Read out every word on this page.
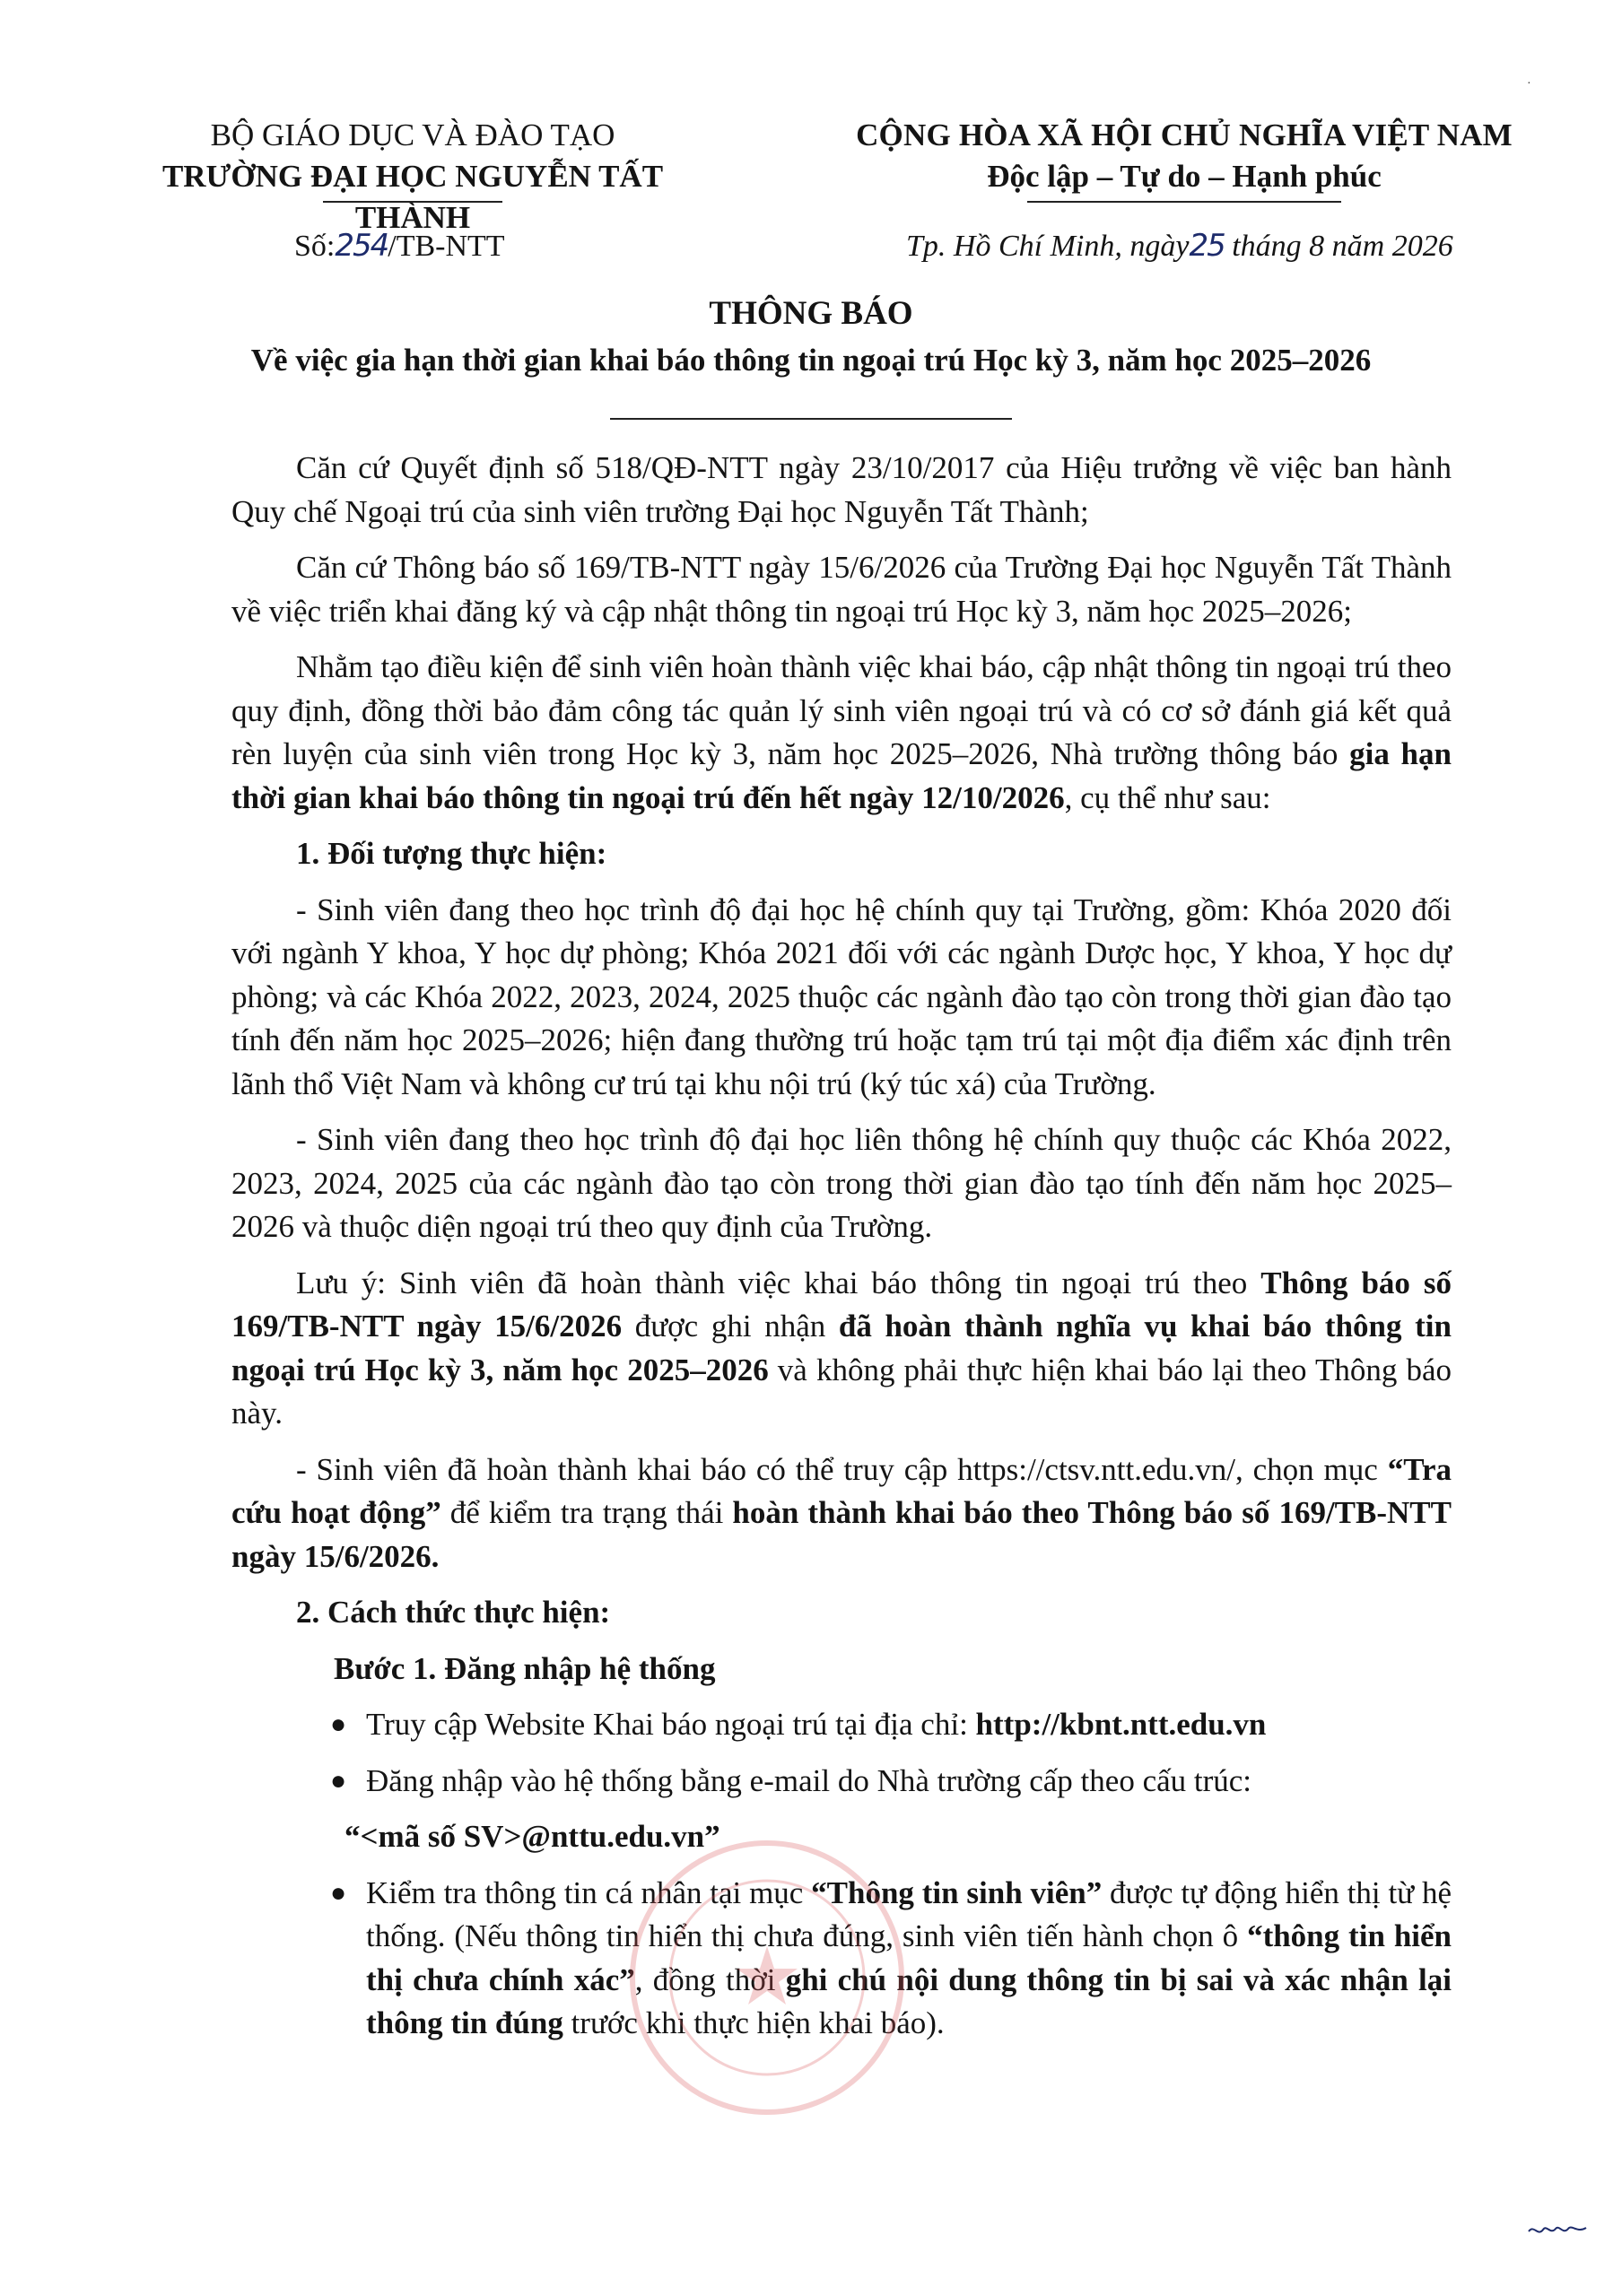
BỘ GIÁO DỤC VÀ ĐÀO TẠO
TRƯỜNG ĐẠI HỌC NGUYỄN TẤT THÀNH
CỘNG HÒA XÃ HỘI CHỦ NGHĨA VIỆT NAM
Độc lập – Tự do – Hạnh phúc
Số:254/TB-NTT	Tp. Hồ Chí Minh, ngày25 tháng 8 năm 2026
THÔNG BÁO
Về việc gia hạn thời gian khai báo thông tin ngoại trú Học kỳ 3, năm học 2025–2026

Căn cứ Quyết định số 518/QĐ-NTT ngày 23/10/2017 của Hiệu trưởng về việc ban hành Quy chế Ngoại trú của sinh viên trường Đại học Nguyễn Tất Thành;

Căn cứ Thông báo số 169/TB-NTT ngày 15/6/2026 của Trường Đại học Nguyễn Tất Thành về việc triển khai đăng ký và cập nhật thông tin ngoại trú Học kỳ 3, năm học 2025–2026;

Nhằm tạo điều kiện để sinh viên hoàn thành việc khai báo, cập nhật thông tin ngoại trú theo quy định, đồng thời bảo đảm công tác quản lý sinh viên ngoại trú và có cơ sở đánh giá kết quả rèn luyện của sinh viên trong Học kỳ 3, năm học 2025–2026, Nhà trường thông báo gia hạn thời gian khai báo thông tin ngoại trú đến hết ngày 12/10/2026, cụ thể như sau:

1. Đối tượng thực hiện:

- Sinh viên đang theo học trình độ đại học hệ chính quy tại Trường, gồm: Khóa 2020 đối với ngành Y khoa, Y học dự phòng; Khóa 2021 đối với các ngành Dược học, Y khoa, Y học dự phòng; và các Khóa 2022, 2023, 2024, 2025 thuộc các ngành đào tạo còn trong thời gian đào tạo tính đến năm học 2025–2026; hiện đang thường trú hoặc tạm trú tại một địa điểm xác định trên lãnh thổ Việt Nam và không cư trú tại khu nội trú (ký túc xá) của Trường.

- Sinh viên đang theo học trình độ đại học liên thông hệ chính quy thuộc các Khóa 2022, 2023, 2024, 2025 của các ngành đào tạo còn trong thời gian đào tạo tính đến năm học 2025–2026 và thuộc diện ngoại trú theo quy định của Trường.

Lưu ý: Sinh viên đã hoàn thành việc khai báo thông tin ngoại trú theo Thông báo số 169/TB-NTT ngày 15/6/2026 được ghi nhận đã hoàn thành nghĩa vụ khai báo thông tin ngoại trú Học kỳ 3, năm học 2025–2026 và không phải thực hiện khai báo lại theo Thông báo này.

- Sinh viên đã hoàn thành khai báo có thể truy cập https://ctsv.ntt.edu.vn/, chọn mục “Tra cứu hoạt động” để kiểm tra trạng thái hoàn thành khai báo theo Thông báo số 169/TB-NTT ngày 15/6/2026.

2. Cách thức thực hiện:
Bước 1. Đăng nhập hệ thống
● Truy cập Website Khai báo ngoại trú tại địa chỉ: http://kbnt.ntt.edu.vn
● Đăng nhập vào hệ thống bằng e-mail do Nhà trường cấp theo cấu trúc:
“<mã số SV>@nttu.edu.vn”
● Kiểm tra thông tin cá nhân tại mục “Thông tin sinh viên” được tự động hiển thị từ hệ thống. (Nếu thông tin hiển thị chưa đúng, sinh viên tiến hành chọn ô “thông tin hiển thị chưa chính xác”, đồng thời ghi chú nội dung thông tin bị sai và xác nhận lại thông tin đúng trước khi thực hiện khai báo).
·
